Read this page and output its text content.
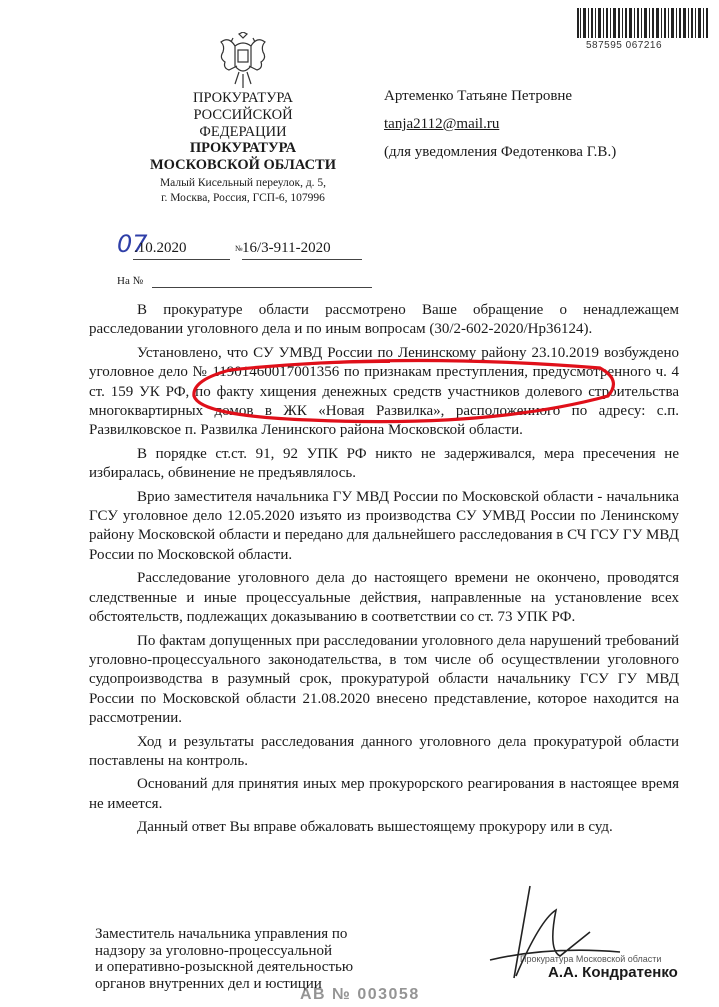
587595 067216
ПРОКУРАТУРА
РОССИЙСКОЙ ФЕДЕРАЦИИ
ПРОКУРАТУРА
МОСКОВСКОЙ ОБЛАСТИ
Малый Кисельный переулок, д. 5,
г. Москва, Россия, ГСП-6, 107996
Артеменко Татьяне Петровне
tanja2112@mail.ru
(для уведомления Федотенкова Г.В.)
07
.10.2020	№ 16/3-911-2020
На №

В прокуратуре области рассмотрено Ваше обращение о ненадлежащем расследовании уголовного дела и по иным вопросам (30/2-602-2020/Нр36124).

Установлено, что СУ УМВД России по Ленинскому району 23.10.2019 возбуждено уголовное дело № 11901460017001356 по признакам преступления, предусмотренного ч. 4 ст. 159 УК РФ, по факту хищения денежных средств участников долевого строительства многоквартирных домов в ЖК «Новая Развилка», расположенного по адресу: с.п. Развилковское п. Развилка Ленинского района Московской области.

В порядке ст.ст. 91, 92 УПК РФ никто не задерживался, мера пресечения не избиралась, обвинение не предъявлялось.

Врио заместителя начальника ГУ МВД России по Московской области - начальника ГСУ уголовное дело 12.05.2020 изъято из производства СУ УМВД России по Ленинскому району Московской области и передано для дальнейшего расследования в СЧ ГСУ ГУ МВД России по Московской области.

Расследование уголовного дела до настоящего времени не окончено, проводятся следственные и иные процессуальные действия, направленные на установление всех обстоятельств, подлежащих доказыванию в соответствии со ст. 73 УПК РФ.

По фактам допущенных при расследовании уголовного дела нарушений требований уголовно-процессуального законодательства, в том числе об осуществлении уголовного судопроизводства в разумный срок, прокуратурой области начальнику ГСУ ГУ МВД России по Московской области 21.08.2020 внесено представление, которое находится на рассмотрении.

Ход и результаты расследования данного уголовного дела прокуратурой области поставлены на контроль.

Оснований для принятия иных мер прокурорского реагирования в настоящее время не имеется.

Данный ответ Вы вправе обжаловать вышестоящему прокурору или в суд.

Заместитель начальника управления по
надзору за уголовно-процессуальной
и оперативно-розыскной деятельностью
органов внутренних дел и юстиции
Прокуратура Московской области
А.А. Кондратенко
АВ № 003058
